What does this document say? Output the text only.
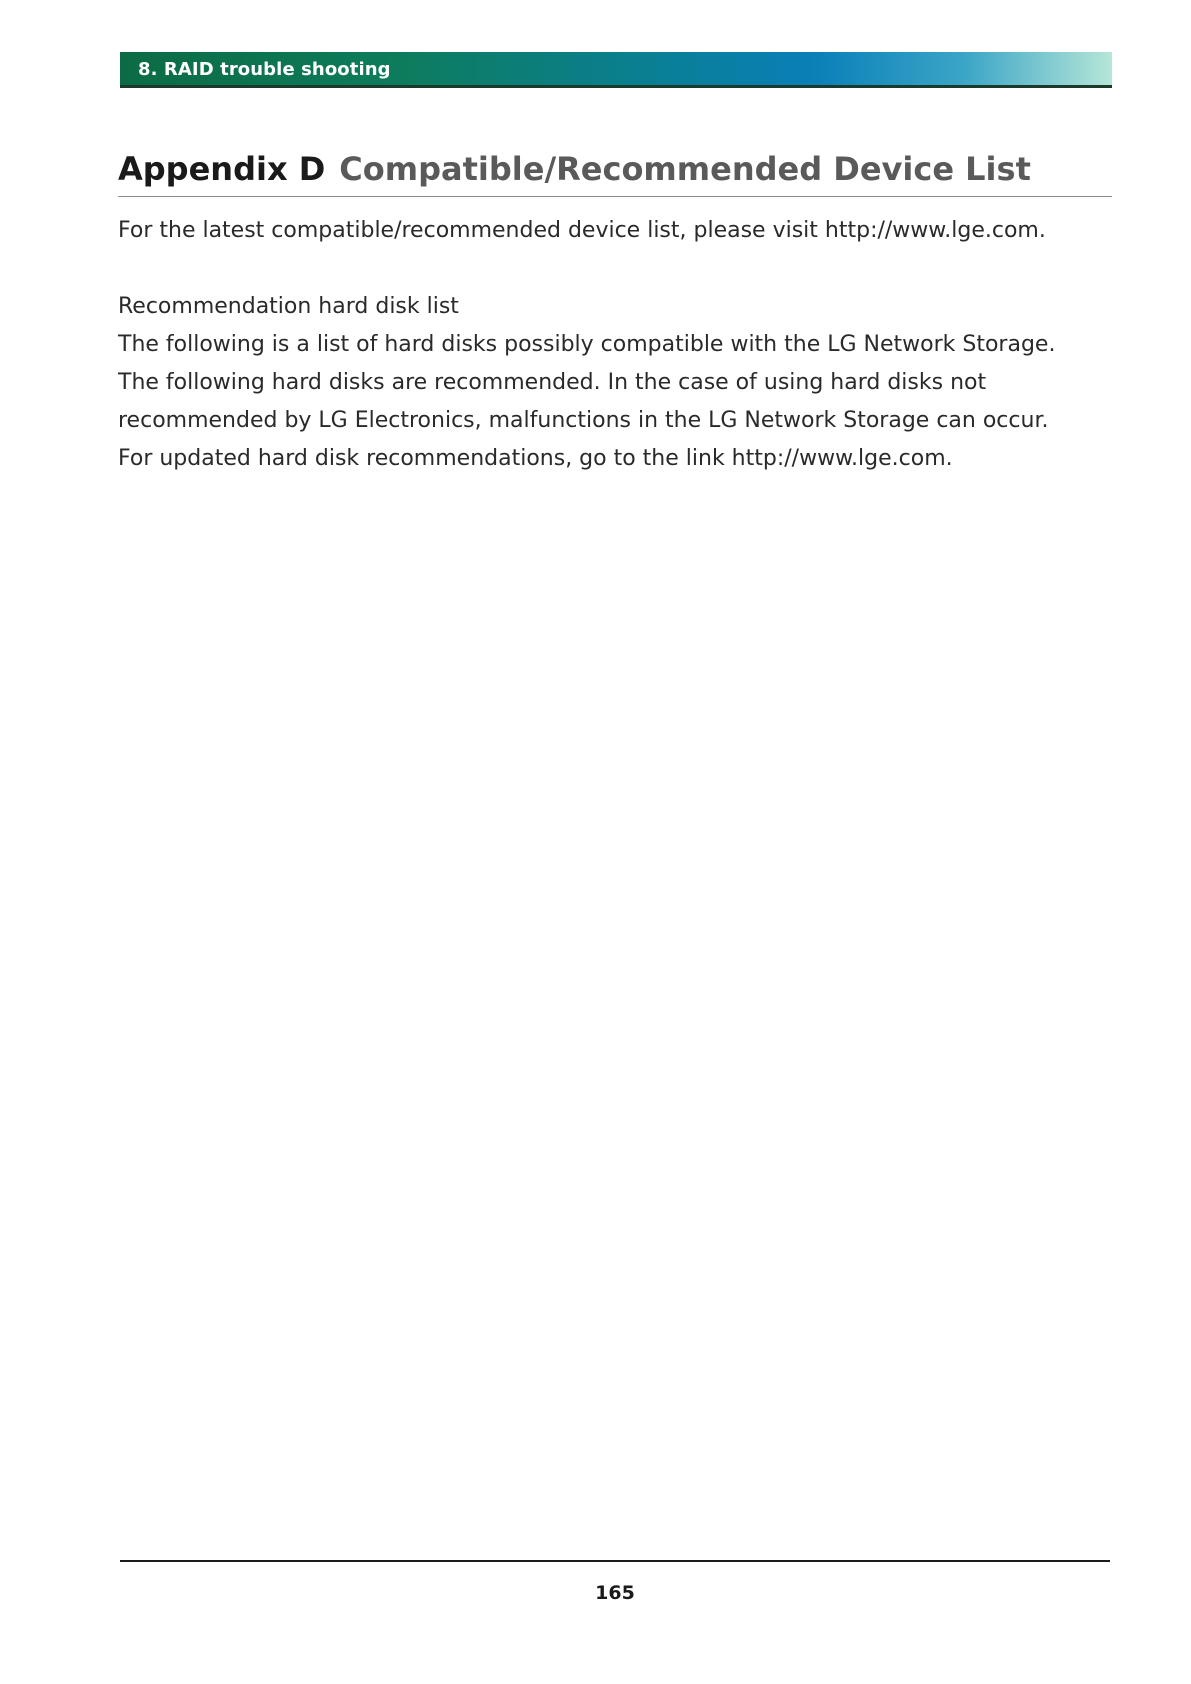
8. RAID trouble shooting
Appendix D Compatible/Recommended Device List
For the latest compatible/recommended device list, please visit http://www.lge.com.
Recommendation hard disk list
The following is a list of hard disks possibly compatible with the LG Network Storage.
The following hard disks are recommended. In the case of using hard disks not
recommended by LG Electronics, malfunctions in the LG Network Storage can occur.
For updated hard disk recommendations, go to the link http://www.lge.com.
165
